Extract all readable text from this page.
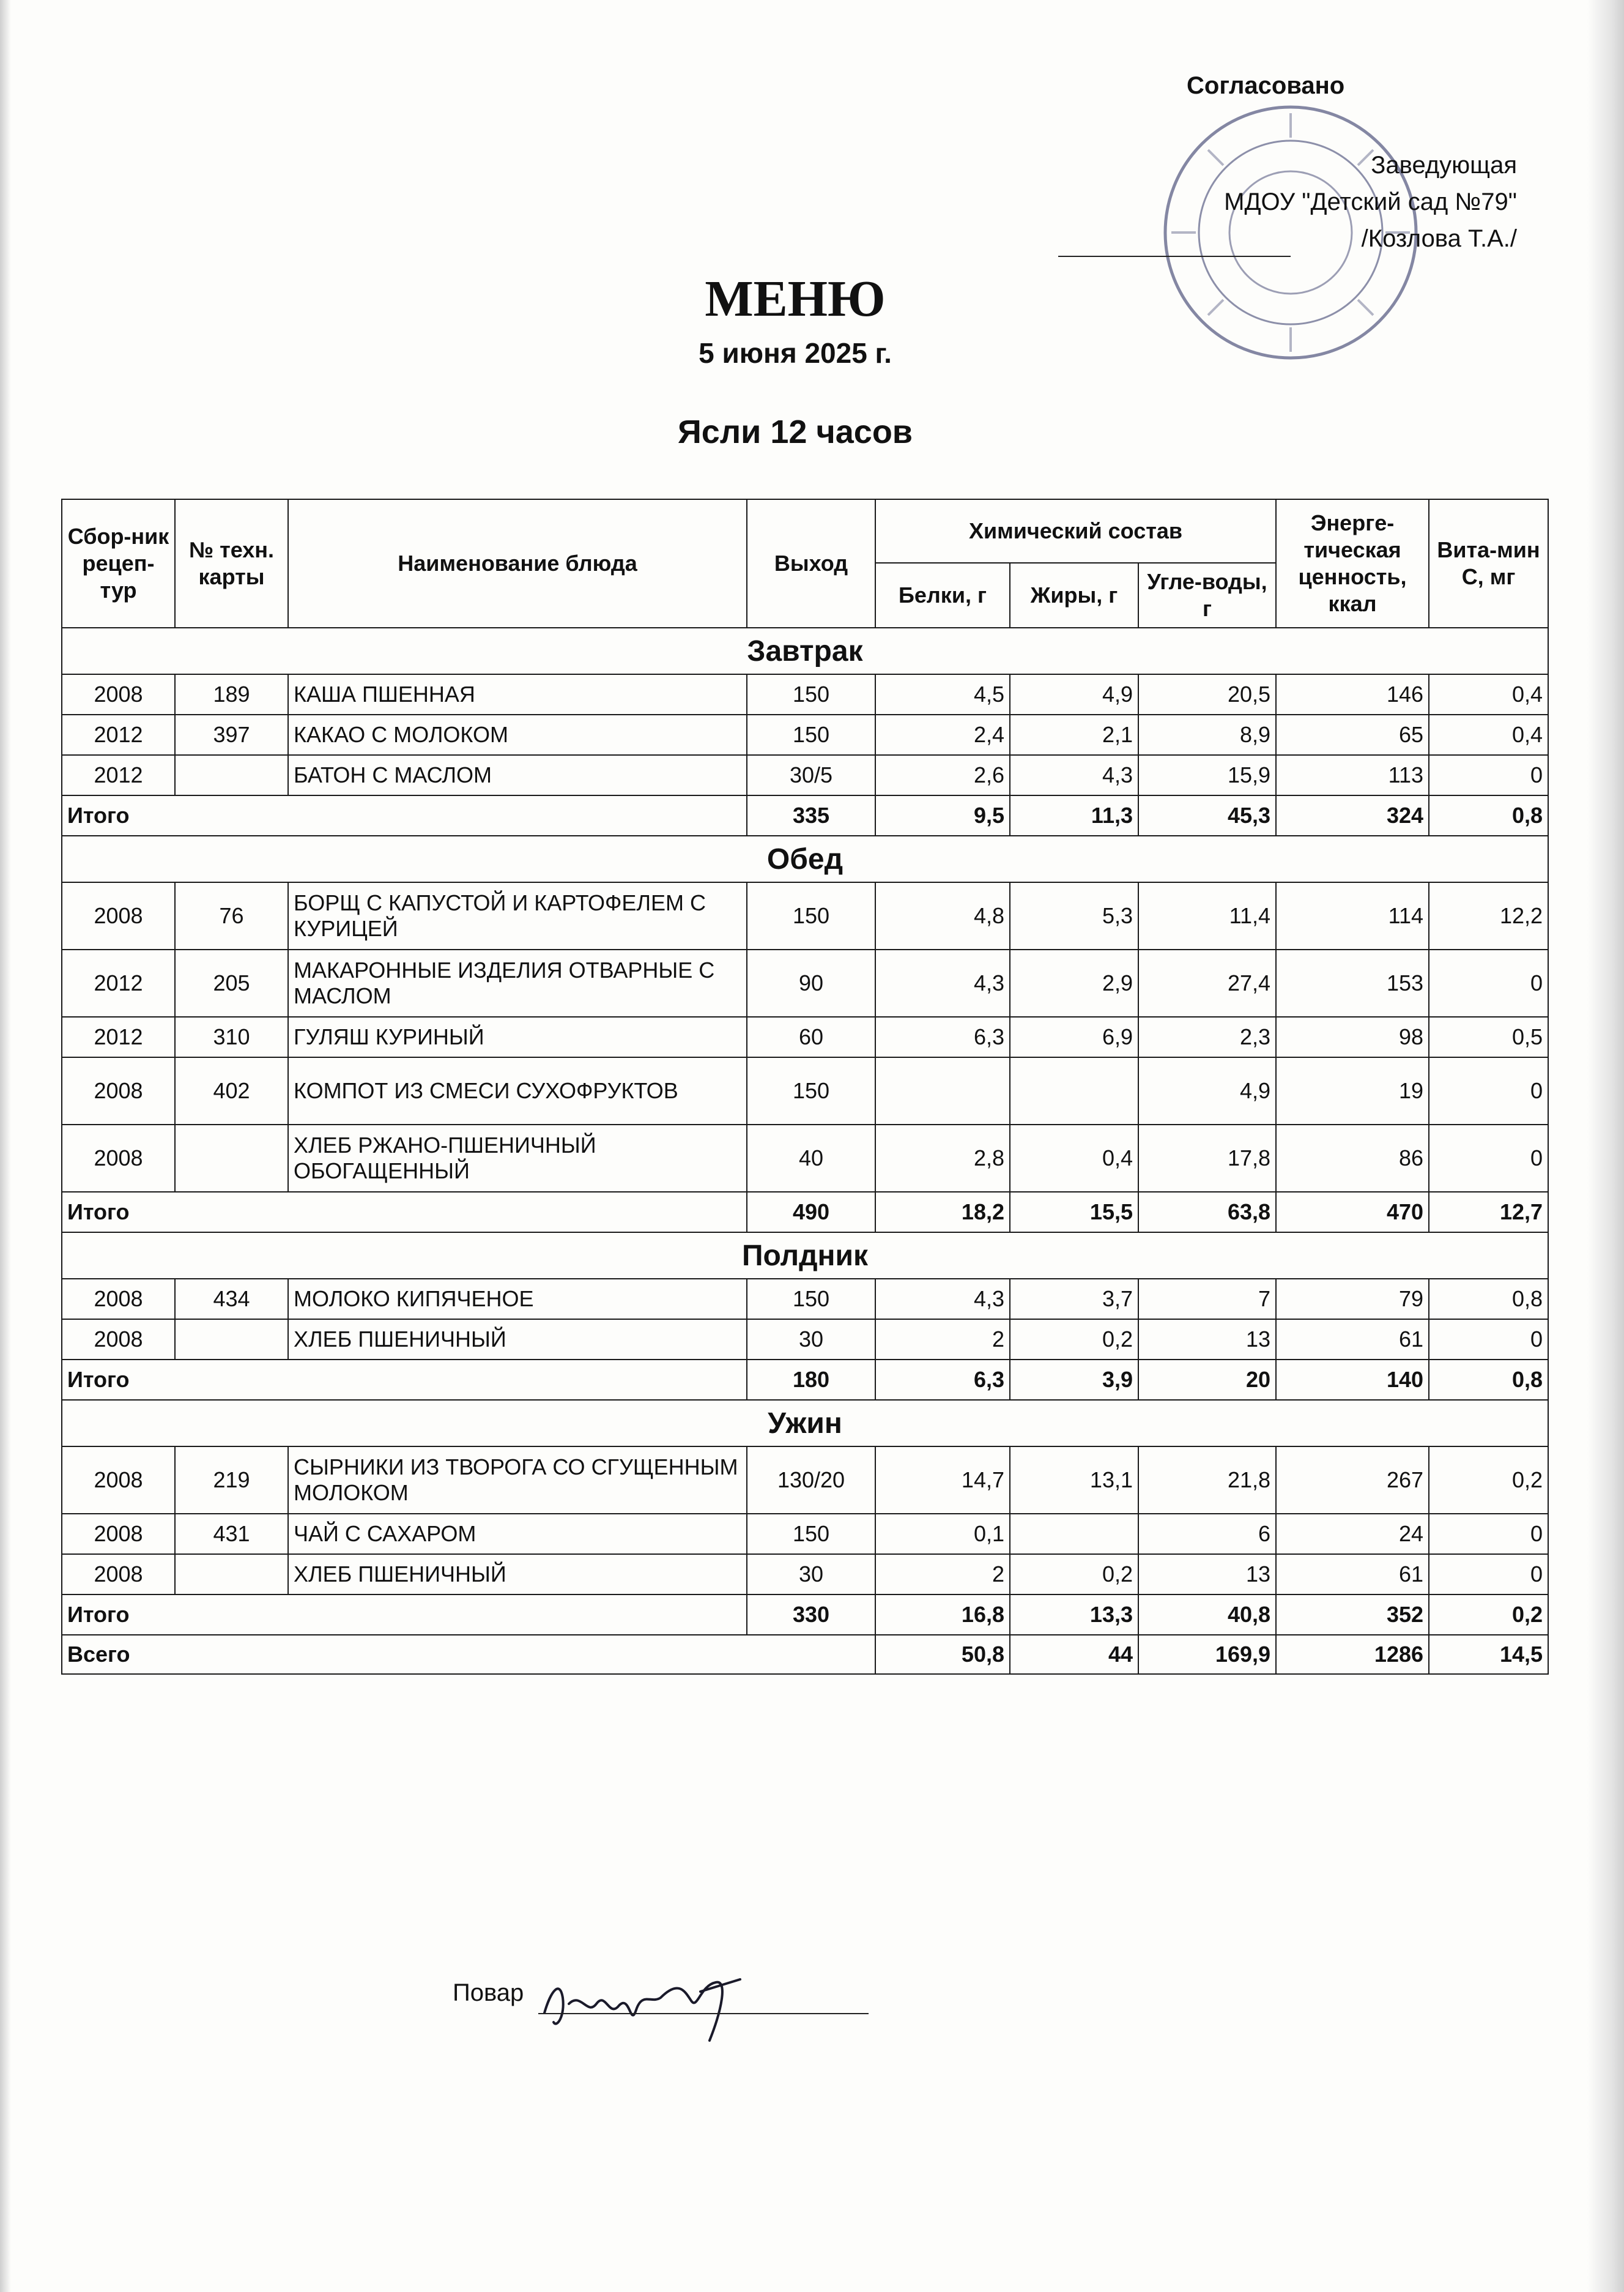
Согласовано
Заведующая
МДОУ "Детский сад №79"
/Козлова Т.А./
МЕНЮ
5 июня 2025 г.
Ясли 12 часов
Сбор-ник рецеп-тур	№ техн. карты	Наименование блюда	Выход	Химический состав			Энерге-тическая ценность, ккал	Вита-мин С, мг
				Белки, г	Жиры, г	Угле-воды, г		
Завтрак								
2008	189	КАША ПШЕННАЯ	150	4,5	4,9	20,5	146	0,4
2012	397	КАКАО С МОЛОКОМ	150	2,4	2,1	8,9	65	0,4
2012		БАТОН С МАСЛОМ	30/5	2,6	4,3	15,9	113	0
Итого			335	9,5	11,3	45,3	324	0,8
Обед								
2008	76	БОРЩ С КАПУСТОЙ И КАРТОФЕЛЕМ С КУРИЦЕЙ	150	4,8	5,3	11,4	114	12,2
2012	205	МАКАРОННЫЕ ИЗДЕЛИЯ ОТВАРНЫЕ С МАСЛОМ	90	4,3	2,9	27,4	153	0
2012	310	ГУЛЯШ КУРИНЫЙ	60	6,3	6,9	2,3	98	0,5
2008	402	КОМПОТ ИЗ СМЕСИ СУХОФРУКТОВ	150			4,9	19	0
2008		ХЛЕБ РЖАНО-ПШЕНИЧНЫЙ ОБОГАЩЕННЫЙ	40	2,8	0,4	17,8	86	0
Итого			490	18,2	15,5	63,8	470	12,7
Полдник								
2008	434	МОЛОКО КИПЯЧЕНОЕ	150	4,3	3,7	7	79	0,8
2008		ХЛЕБ ПШЕНИЧНЫЙ	30	2	0,2	13	61	0
Итого			180	6,3	3,9	20	140	0,8
Ужин								
2008	219	СЫРНИКИ ИЗ ТВОРОГА СО СГУЩЕННЫМ МОЛОКОМ	130/20	14,7	13,1	21,8	267	0,2
2008	431	ЧАЙ С САХАРОМ	150	0,1		6	24	0
2008		ХЛЕБ ПШЕНИЧНЫЙ	30	2	0,2	13	61	0
Итого			330	16,8	13,3	40,8	352	0,2
Всего				50,8	44	169,9	1286	14,5
Повар
